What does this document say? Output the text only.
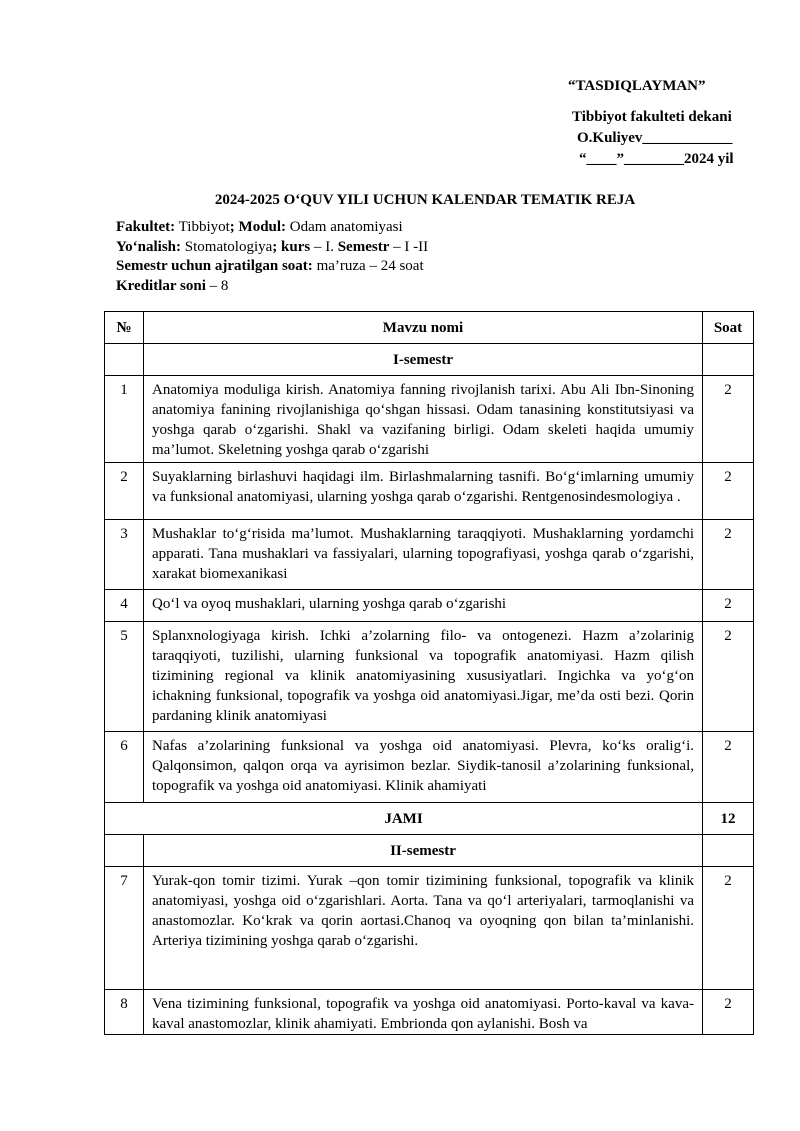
“TASDIQLAYMAN”
Tibbiyot fakulteti dekani
O.Kuliyev____________
“____”________2024 yil
2024-2025 O‘QUV YILI UCHUN KALENDAR TEMATIK REJA
Fakultet: Tibbiyot; Modul: Odam anatomiyasi
Yo‘nalish: Stomatologiya; kurs – I. Semestr – I -II
Semestr uchun ajratilgan soat: ma’ruza – 24 soat
Kreditlar soni – 8
№	Mavzu nomi	Soat
	I-semestr	
1	Anatomiya moduliga kirish. Anatomiya fanning rivojlanish tarixi. Abu Ali Ibn-Sinoning anatomiya fanining rivojlanishiga qo‘shgan hissasi. Odam tanasining konstitutsiyasi va yoshga qarab o‘zgarishi. Shakl va vazifaning birligi. Odam skeleti haqida umumiy ma’lumot. Skeletning yoshga qarab o‘zgarishi	2
2	Suyaklarning birlashuvi haqidagi ilm. Birlashmalarning tasnifi. Bo‘g‘imlarning umumiy va funksional anatomiyasi, ularning yoshga qarab o‘zgarishi. Rentgenosindesmologiya .	2
3	Mushaklar to‘g‘risida ma’lumot. Mushaklarning taraqqiyoti. Mushaklarning yordamchi apparati. Tana mushaklari va fassiyalari, ularning topografiyasi, yoshga qarab o‘zgarishi, xarakat biomexanikasi	2
4	Qo‘l va oyoq mushaklari, ularning yoshga qarab o‘zgarishi	2
5	Splanxnologiyaga kirish. Ichki a’zolarning filo- va ontogenezi. Hazm a’zolarinig taraqqiyoti, tuzilishi, ularning funksional va topografik anatomiyasi. Hazm qilish tizimining regional va klinik anatomiyasining xususiyatlari. Ingichka va yo‘g‘on ichakning funksional, topografik va yoshga oid anatomiyasi.Jigar, me’da osti bezi. Qorin pardaning klinik anatomiyasi	2
6	Nafas a’zolarining funksional va yoshga oid anatomiyasi. Plevra, ko‘ks oralig‘i. Qalqonsimon, qalqon orqa va ayrisimon bezlar. Siydik-tanosil a’zolarining funksional, topografik va yoshga oid anatomiyasi. Klinik ahamiyati	2
JAMI		12
	II-semestr	
7	Yurak-qon tomir tizimi. Yurak –qon tomir tizimining funksional, topografik va klinik anatomiyasi, yoshga oid o‘zgarishlari. Aorta. Tana va qo‘l arteriyalari, tarmoqlanishi va anastomozlar. Ko‘krak va qorin aortasi.Chanoq va oyoqning qon bilan ta’minlanishi. Arteriya tizimining yoshga qarab o‘zgarishi.	2
8	Vena tizimining funksional, topografik va yoshga oid anatomiyasi. Porto-kaval va kava-kaval anastomozlar, klinik ahamiyati. Embrionda qon aylanishi. Bosh va	2
